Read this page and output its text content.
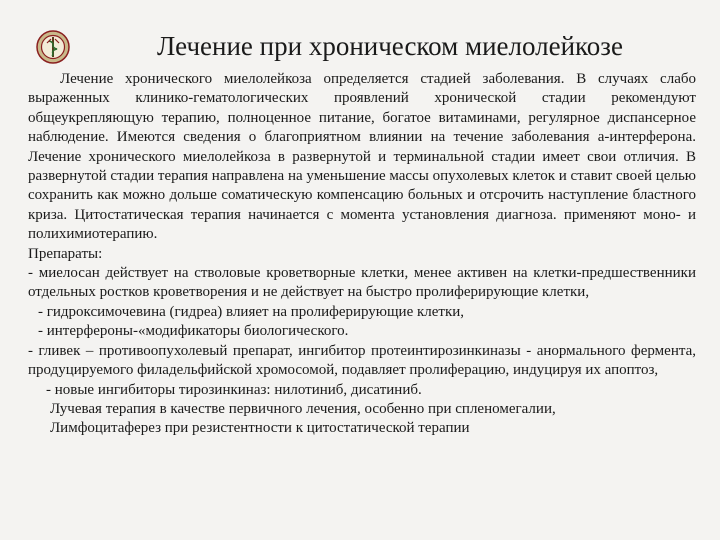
Лечение при хроническом миелолейкозе

Лечение хронического миелолейкоза определяется стадией заболевания. В случаях слабо выраженных клинико-гематологических проявлений хронической стадии рекомендуют общеукрепляющую терапию, полноценное питание, богатое витаминами, регулярное диспансерное наблюдение. Имеются сведения о благоприятном влиянии на течение заболевания а-интерферона. Лечение хронического миелолейкоза в развернутой и терминальной стадии имеет свои отличия. В развернутой стадии терапия направлена на уменьшение массы опухолевых клеток и ставит своей целью сохранить как можно дольше соматическую компенсацию больных и отсрочить наступление бластного криза. Цитостатическая терапия начинается с момента установления диагноза. применяют моно- и полихимиотерапию.

Препараты:

- миелосан действует на стволовые кроветворные клетки, менее активен на клетки-предшественники отдельных ростков кроветворения и не действует на быстро пролиферирующие клетки,

- гидроксимочевина (гидреа) влияет на пролиферирующие клетки,

- интерфероны-«модификаторы биологического.

- гливек – противоопухолевый препарат, ингибитор протеинтирозинкиназы - анормального фермента, продуцируемого филадельфийской хромосомой, подавляет пролиферацию, индуцируя их апоптоз,

- новые ингибиторы тирозинкиназ: нилотиниб, дисатиниб.

Лучевая терапия в качестве первичного лечения, особенно при спленомегалии,

Лимфоцитаферез при резистентности к цитостатической терапии
